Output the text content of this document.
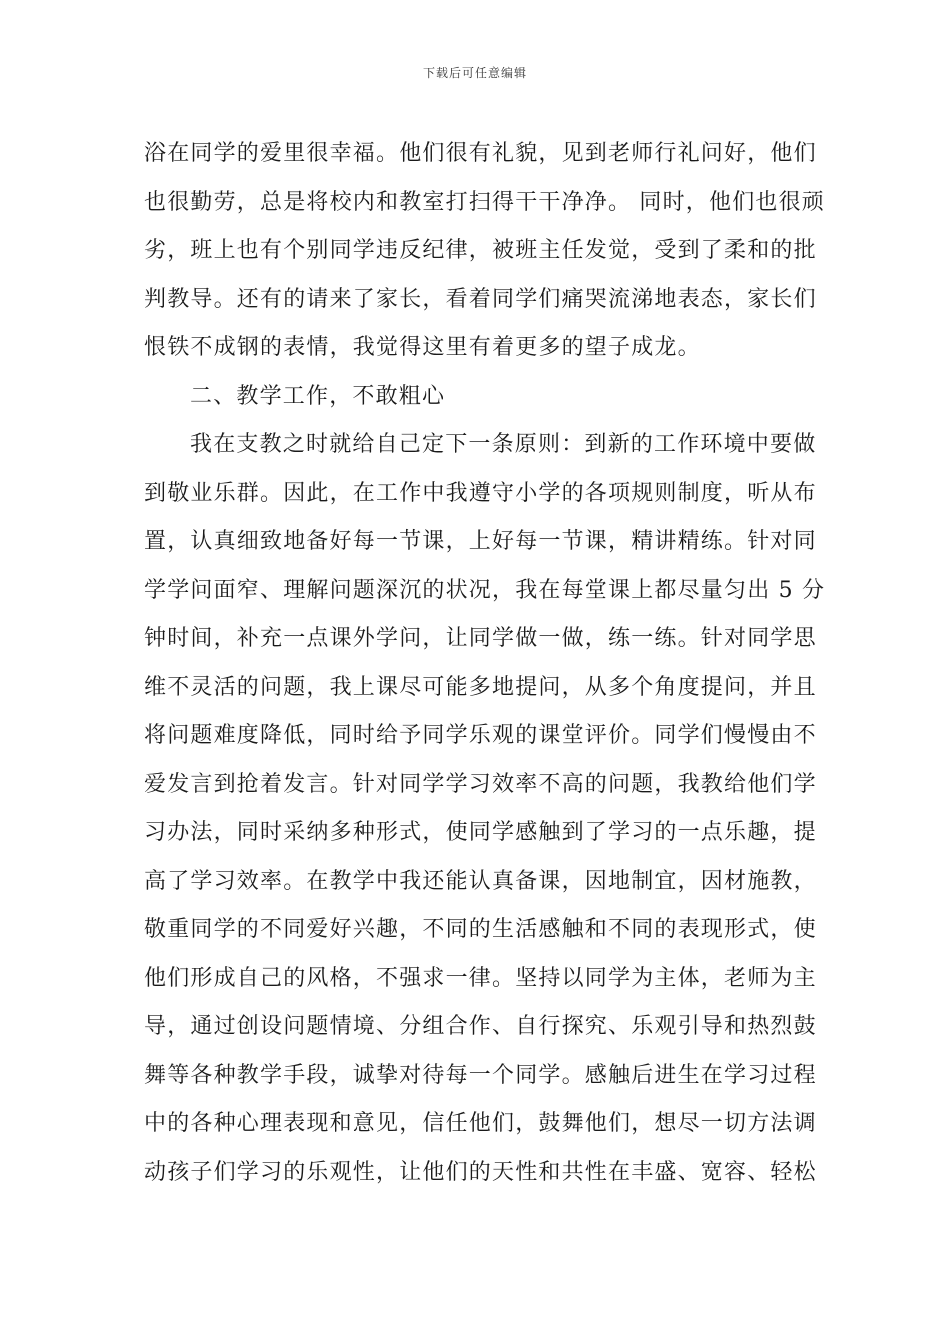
下载后可任意编辑
浴在同学的爱里很幸福。他们很有礼貌，见到老师行礼问好，他们
也很勤劳，总是将校内和教室打扫得干干净净。 同时，他们也很顽
劣，班上也有个别同学违反纪律，被班主任发觉，受到了柔和的批
判教导。还有的请来了家长，看着同学们痛哭流涕地表态，家长们
恨铁不成钢的表情，我觉得这里有着更多的望子成龙。
二、教学工作，不敢粗心
我在支教之时就给自己定下一条原则：到新的工作环境中要做
到敬业乐群。因此，在工作中我遵守小学的各项规则制度，听从布
置，认真细致地备好每一节课，上好每一节课，精讲精练。针对同
学学问面窄、理解问题深沉的状况，我在每堂课上都尽量匀出 5 分
钟时间，补充一点课外学问，让同学做一做，练一练。针对同学思
维不灵活的问题，我上课尽可能多地提问，从多个角度提问，并且
将问题难度降低，同时给予同学乐观的课堂评价。同学们慢慢由不
爱发言到抢着发言。针对同学学习效率不高的问题，我教给他们学
习办法，同时采纳多种形式，使同学感触到了学习的一点乐趣，提
高了学习效率。在教学中我还能认真备课，因地制宜，因材施教，
敬重同学的不同爱好兴趣，不同的生活感触和不同的表现形式，使
他们形成自己的风格，不强求一律。坚持以同学为主体，老师为主
导，通过创设问题情境、分组合作、自行探究、乐观引导和热烈鼓
舞等各种教学手段，诚挚对待每一个同学。感触后进生在学习过程
中的各种心理表现和意见，信任他们，鼓舞他们，想尽一切方法调
动孩子们学习的乐观性，让他们的天性和共性在丰盛、宽容、轻松
